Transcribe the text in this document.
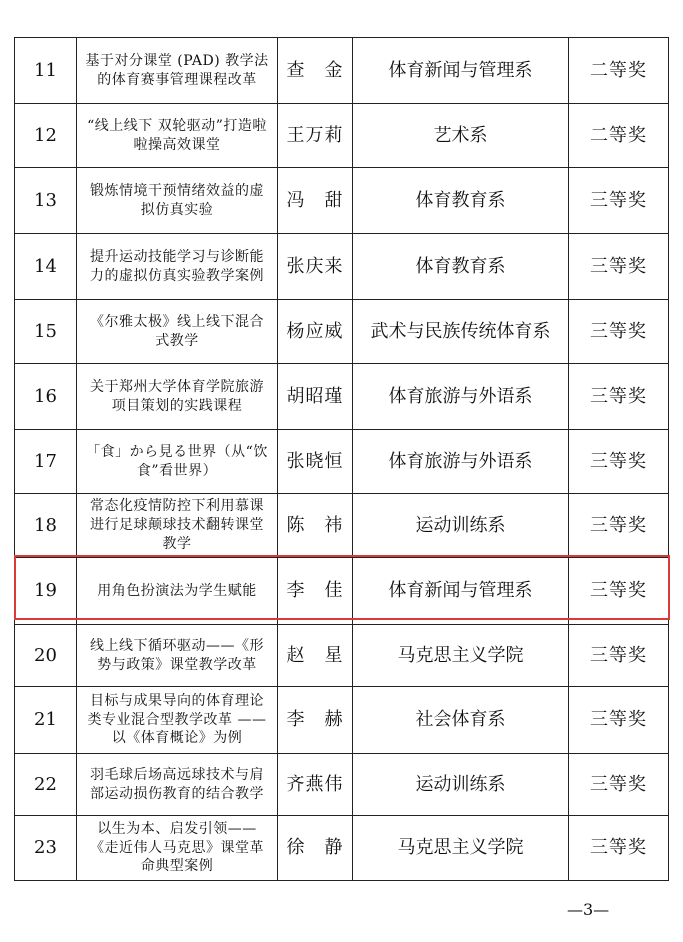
11	基于对分课堂 (PAD) 教学法的体育赛事管理课程改革	查　金	体育新闻与管理系	二等奖
12	“线上线下 双轮驱动”打造啦啦操高效课堂	王万莉	艺术系	二等奖
13	锻炼情境干预情绪效益的虚拟仿真实验	冯　甜	体育教育系	三等奖
14	提升运动技能学习与诊断能力的虚拟仿真实验教学案例	张庆来	体育教育系	三等奖
15	《尔雅太极》线上线下混合式教学	杨应威	武术与民族传统体育系	三等奖
16	关于郑州大学体育学院旅游项目策划的实践课程	胡昭瑾	体育旅游与外语系	三等奖
17	「食」から見る世界（从“饮食”看世界）	张晓恒	体育旅游与外语系	三等奖
18	常态化疫情防控下利用慕课进行足球颠球技术翻转课堂教学	陈　祎	运动训练系	三等奖
19	用角色扮演法为学生赋能	李　佳	体育新闻与管理系	三等奖
20	线上线下循环驱动——《形势与政策》课堂教学改革	赵　星	马克思主义学院	三等奖
21	目标与成果导向的体育理论类专业混合型教学改革 ——以《体育概论》为例	李　赫	社会体育系	三等奖
22	羽毛球后场高远球技术与肩部运动损伤教育的结合教学	齐燕伟	运动训练系	三等奖
23	以生为本、启发引领——《走近伟人马克思》课堂革命典型案例	徐　静	马克思主义学院	三等奖
—3—
